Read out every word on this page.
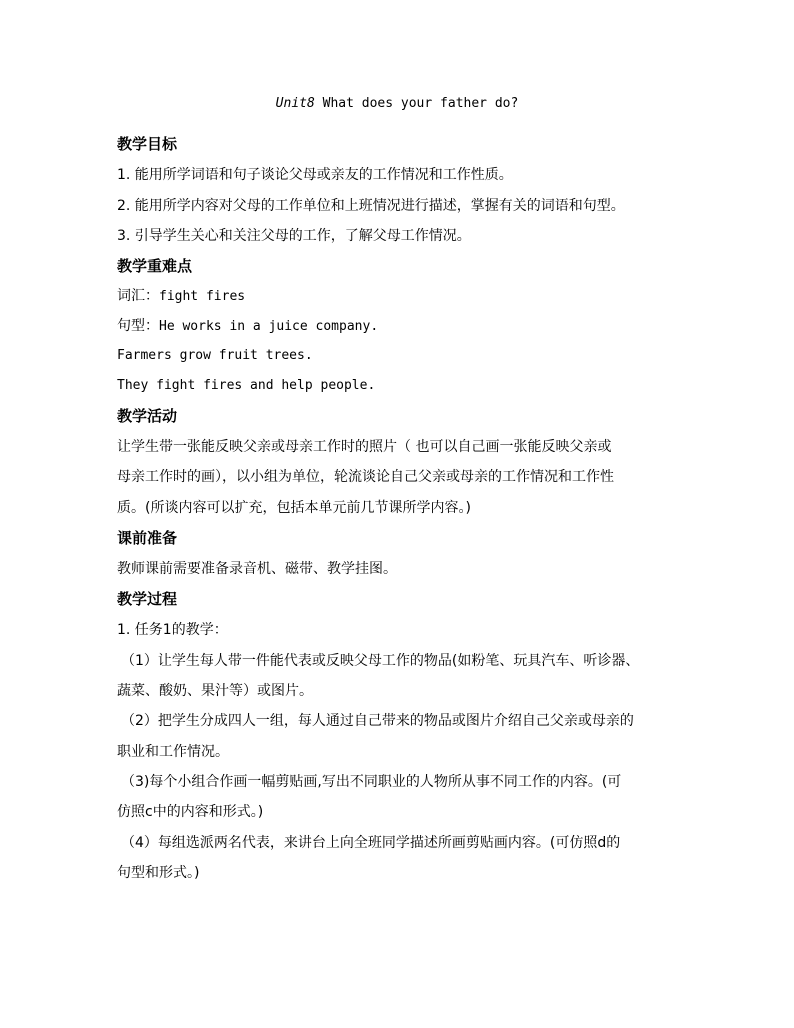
Unit8 What does your father do?
教学目标
1. 能用所学词语和句子谈论父母或亲友的工作情况和工作性质。
2. 能用所学内容对父母的工作单位和上班情况进行描述，掌握有关的词语和句型。
3. 引导学生关心和关注父母的工作，了解父母工作情况。
教学重难点
词汇：fight fires
句型：He works in a juice company.
Farmers grow fruit trees.
They fight fires and help people.
教学活动
让学生带一张能反映父亲或母亲工作时的照片（ 也可以自己画一张能反映父亲或
母亲工作时的画），以小组为单位，轮流谈论自己父亲或母亲的工作情况和工作性
质。(所谈内容可以扩充，包括本单元前几节课所学内容。)
课前准备
教师课前需要准备录音机、磁带、教学挂图。
教学过程
1. 任务1的教学：
（1）让学生每人带一件能代表或反映父母工作的物品(如粉笔、玩具汽车、听诊器、
蔬菜、酸奶、果汁等）或图片。
（2）把学生分成四人一组，每人通过自己带来的物品或图片介绍自己父亲或母亲的
职业和工作情况。
（3)每个小组合作画一幅剪贴画,写出不同职业的人物所从事不同工作的内容。(可
仿照c中的内容和形式。)
（4）每组选派两名代表，来讲台上向全班同学描述所画剪贴画内容。(可仿照d的
句型和形式。)
